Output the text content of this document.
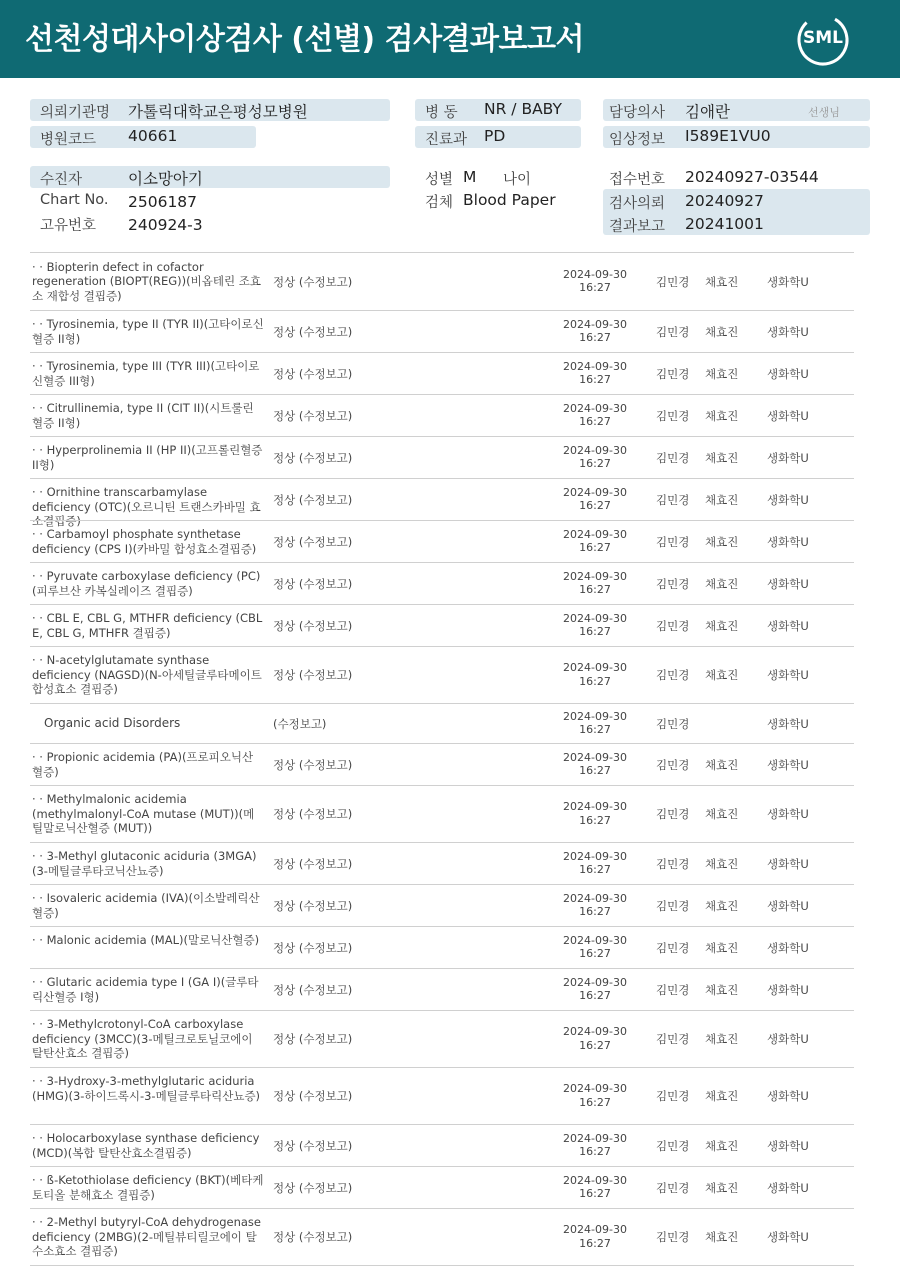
선천성대사이상검사 (선별) 검사결과보고서	SML
의뢰기관명 가톨릭대학교은평성모병원
병원코드 40661
병 동 NR / BABY
진료과 PD
담당의사 김애란	선생님
임상정보 I589E1VU0
수진자	이소망아기
Chart No. 2506187
고유번호 240924-3
성별 M 나이
검체 Blood Paper
접수번호 20240927-03544
검사의뢰 20240927
결과보고 20241001
· · Biopterin defect in cofactor regeneration (BIOPT(REG))(비옵테린 조효소 재합성 결핍증)
정상 (수정보고)
2024-09-30
16:27	김민경 채효진 생화학U
· · Tyrosinemia, type II (TYR II)(고타이로신혈증 II형)	정상 (수정보고)
2024-09-30
16:27	김민경 채효진 생화학U
· · Tyrosinemia, type III (TYR III)(고타이로신혈증 III형)	정상 (수정보고)
2024-09-30
16:27	김민경 채효진 생화학U
· · Citrullinemia, type II (CIT II)(시트룰린혈증 II형)	정상 (수정보고)
2024-09-30
16:27	김민경 채효진 생화학U
· · Hyperprolinemia II (HP II)(고프롤린혈증 II형)	정상 (수정보고)
2024-09-30
16:27	김민경 채효진 생화학U
· · Ornithine transcarbamylase deficiency (OTC)(오르니틴 트랜스카바밀 효소결핍증)
정상 (수정보고)
2024-09-30
16:27	김민경 채효진 생화학U
· · Carbamoyl phosphate synthetase deficiency (CPS I)(카바밀 합성효소결핍증)	정상 (수정보고)
2024-09-30
16:27	김민경 채효진 생화학U
· · Pyruvate carboxylase deficiency (PC)(피루브산 카복실레이즈 결핍증)	정상 (수정보고)
2024-09-30
16:27	김민경 채효진 생화학U
· · CBL E, CBL G, MTHFR deficiency (CBL E, CBL G, MTHFR 결핍증)	정상 (수정보고)
2024-09-30
16:27	김민경 채효진 생화학U
· · N-acetylglutamate synthase deficiency (NAGSD)(N-아세틸글루타메이트 합성효소 결핍증)
정상 (수정보고)
2024-09-30
16:27	김민경 채효진 생화학U
Organic acid Disorders	(수정보고)
2024-09-30
16:27	김민경	생화학U
· · Propionic acidemia (PA)(프로피오닉산혈증)	정상 (수정보고)
2024-09-30
16:27	김민경 채효진 생화학U
· · Methylmalonic acidemia (methylmalonyl-CoA mutase (MUT))(메틸말로닉산혈증 (MUT))
정상 (수정보고)
2024-09-30
16:27	김민경 채효진 생화학U
· · 3-Methyl glutaconic aciduria (3MGA)(3-메틸글루타코닉산뇨증)	정상 (수정보고)
2024-09-30
16:27	김민경 채효진 생화학U
· · Isovaleric acidemia (IVA)(이소발레릭산혈증)	정상 (수정보고)
2024-09-30
16:27	김민경 채효진 생화학U
· · Malonic acidemia (MAL)(말로닉산혈증)
정상 (수정보고)
2024-09-30
16:27	김민경 채효진 생화학U
· · Glutaric acidemia type I (GA I)(글루타릭산혈증 I형)	정상 (수정보고)
2024-09-30
16:27	김민경 채효진 생화학U
· · 3-Methylcrotonyl-CoA carboxylase deficiency (3MCC)(3-메틸크로토닐코에이 탈탄산효소 결핍증)
정상 (수정보고)
2024-09-30
16:27	김민경 채효진 생화학U
· · 3-Hydroxy-3-methylglutaric aciduria (HMG)(3-하이드록시-3-메틸글루타릭산뇨증)	정상 (수정보고)
2024-09-30
16:27	김민경 채효진 생화학U
· · Holocarboxylase synthase deficiency (MCD)(복합 탈탄산효소결핍증)	정상 (수정보고)
2024-09-30
16:27	김민경 채효진 생화학U
· · ß-Ketothiolase deficiency (BKT)(베타케토티올 분해효소 결핍증)	정상 (수정보고)
2024-09-30
16:27	김민경 채효진 생화학U
· · 2-Methyl butyryl-CoA dehydrogenase deficiency (2MBG)(2-메틸뷰티릴코에이 탈수소효소 결핍증)
정상 (수정보고)
2024-09-30
16:27	김민경 채효진 생화학U
